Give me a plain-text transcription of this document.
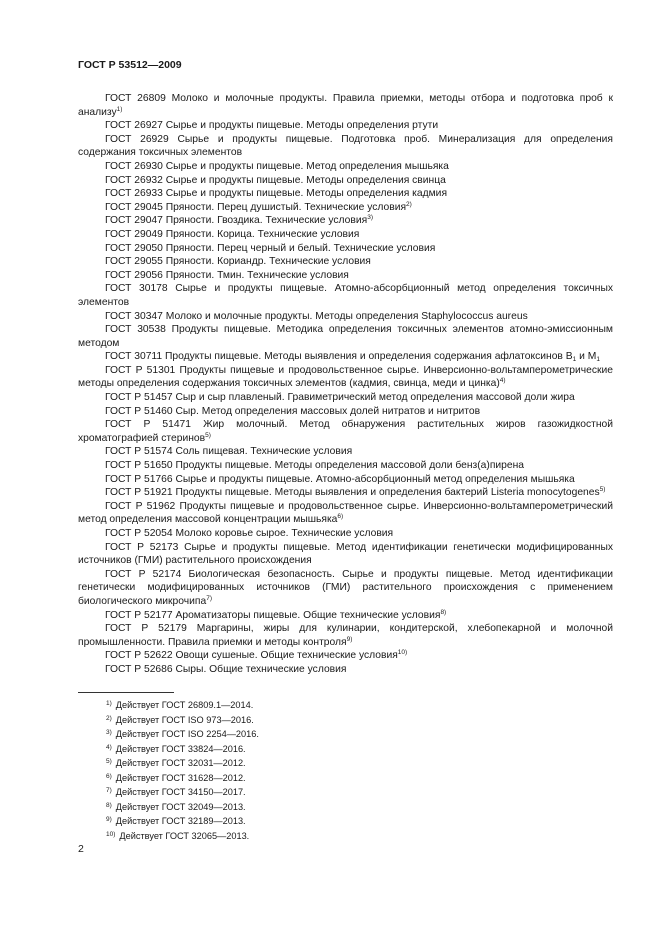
ГОСТ Р 53512—2009

ГОСТ 26809 Молоко и молочные продукты. Правила приемки, методы отбора и подготовка проб к анализу$^{1)}$

ГОСТ 26927 Сырье и продукты пищевые. Методы определения ртути

ГОСТ 26929 Сырье и продукты пищевые. Подготовка проб. Минерализация для определения содержания токсичных элементов

ГОСТ 26930 Сырье и продукты пищевые. Метод определения мышьяка

ГОСТ 26932 Сырье и продукты пищевые. Методы определения свинца

ГОСТ 26933 Сырье и продукты пищевые. Методы определения кадмия

ГОСТ 29045 Пряности. Перец душистый. Технические условия$^{2)}$

ГОСТ 29047 Пряности. Гвоздика. Технические условия$^{3)}$

ГОСТ 29049 Пряности. Корица. Технические условия

ГОСТ 29050 Пряности. Перец черный и белый. Технические условия

ГОСТ 29055 Пряности. Кориандр. Технические условия

ГОСТ 29056 Пряности. Тмин. Технические условия

ГОСТ 30178 Сырье и продукты пищевые. Атомно-абсорбционный метод определения токсичных элементов

ГОСТ 30347 Молоко и молочные продукты. Методы определения Staphylococcus aureus

ГОСТ 30538 Продукты пищевые. Методика определения токсичных элементов атомно-эмиссионным методом

ГОСТ 30711 Продукты пищевые. Методы выявления и определения содержания афлатоксинов $B_1$ и $M_1$

ГОСТ Р 51301 Продукты пищевые и продовольственное сырье. Инверсионно-вольтамперометрические методы определения содержания токсичных элементов (кадмия, свинца, меди и цинка)$^{4)}$

ГОСТ Р 51457 Сыр и сыр плавленый. Гравиметрический метод определения массовой доли жира

ГОСТ Р 51460 Сыр. Метод определения массовых долей нитратов и нитритов

ГОСТ Р 51471 Жир молочный. Метод обнаружения растительных жиров газожидкостной хроматографией стеринов$^{5)}$

ГОСТ Р 51574 Соль пищевая. Технические условия

ГОСТ Р 51650 Продукты пищевые. Методы определения массовой доли бенз(а)пирена

ГОСТ Р 51766 Сырье и продукты пищевые. Атомно-абсорбционный метод определения мышьяка

ГОСТ Р 51921 Продукты пищевые. Методы выявления и определения бактерий Listeria monocytogenes$^{5)}$

ГОСТ Р 51962 Продукты пищевые и продовольственное сырье. Инверсионно-вольтамперометрический метод определения массовой концентрации мышьяка$^{6)}$

ГОСТ Р 52054 Молоко коровье сырое. Технические условия

ГОСТ Р 52173 Сырье и продукты пищевые. Метод идентификации генетически модифицированных источников (ГМИ) растительного происхождения

ГОСТ Р 52174 Биологическая безопасность. Сырье и продукты пищевые. Метод идентификации генетически модифицированных источников (ГМИ) растительного происхождения с применением биологического микрочипа$^{7)}$

ГОСТ Р 52177 Ароматизаторы пищевые. Общие технические условия$^{8)}$

ГОСТ Р 52179 Маргарины, жиры для кулинарии, кондитерской, хлебопекарной и молочной промышленности. Правила приемки и методы контроля$^{9)}$

ГОСТ Р 52622 Овощи сушеные. Общие технические условия$^{10)}$

ГОСТ Р 52686 Сыры. Общие технические условия

$^{1)}$ Действует ГОСТ 26809.1—2014.

$^{2)}$ Действует ГОСТ ISO 973—2016.

$^{3)}$ Действует ГОСТ ISO 2254—2016.

$^{4)}$ Действует ГОСТ 33824—2016.

$^{5)}$ Действует ГОСТ 32031—2012.

$^{6)}$ Действует ГОСТ 31628—2012.

$^{7)}$ Действует ГОСТ 34150—2017.

$^{8)}$ Действует ГОСТ 32049—2013.

$^{9)}$ Действует ГОСТ 32189—2013.

$^{10)}$ Действует ГОСТ 32065—2013.

2
